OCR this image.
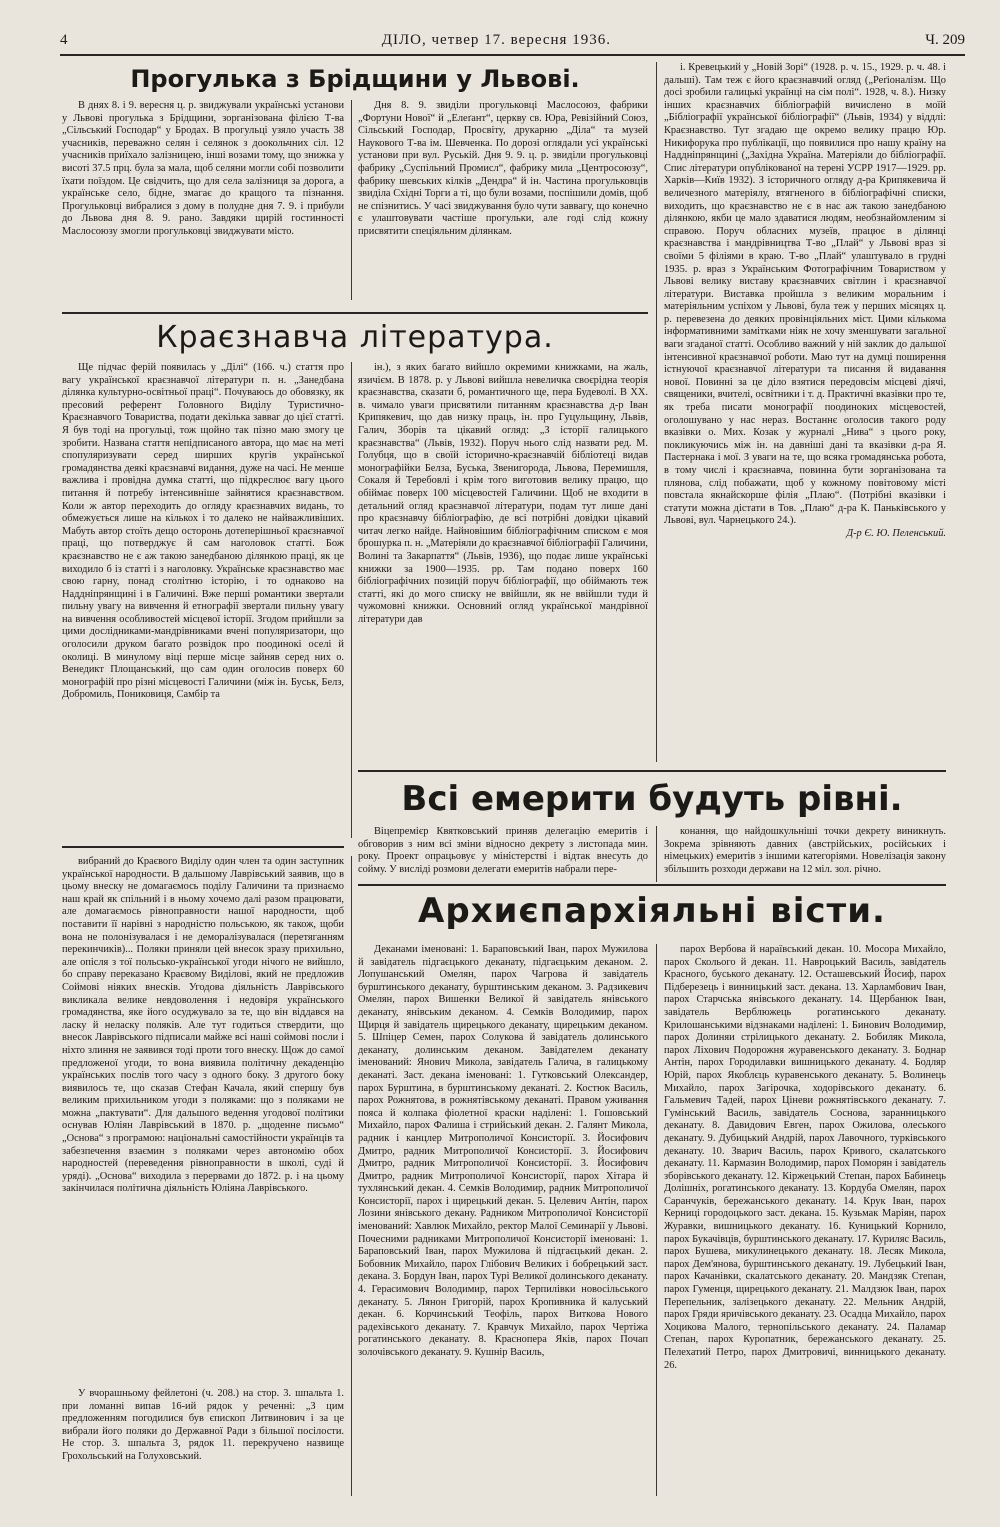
4	ДІЛО, четвер 17. вересня 1936.	Ч. 209
Прогулька з Брідщини у Львові.

В днях 8. і 9. вересня ц. р. звиджували українські установи у Львові прогулька з Брідщини, зорганізована філією Т-ва „Сільський Господар“ у Бродах. В прогульці узяло участь 38 учасників, переважно селян і селянок з доокольчних сіл. 12 учасників приїхало залізницею, інші возами тому, що знижка у висоті 37.5 прц. була за мала, щоб селяни могли собі позволити їхати поїздом. Це свідчить, що для села залізниця за дорога, а українське село, бідне, змагає до кращого та пізнання. Прогульковці вибралися з дому в полудне дня 7. 9. і прибули до Львова дня 8. 9. рано. Завдяки щирій гостинності Маслосоюзу змогли прогульковці звиджувати місто.

Дня 8. 9. звиділи прогульковці Маслосоюз, фабрики „Фортуни Нової“ й „Елеґант“, церкву св. Юра, Ревізійний Союз, Сільський Господар, Просвіту, друкарню „Діла“ та музей Наукового Т-ва ім. Шевченка. По дорозі оглядали усі українські установи при вул. Руській. Дня 9. 9. ц. р. звиділи прогульковці фабрику „Суспільний Промисл“, фабрику мила „Центросоюзу“, фабрику шевських кілків „Дендра“ й ін. Частина прогульковців звиділа Східні Торги а ті, що були возами, поспішили домів, щоб не спізнитись. У часі звиджування було чути заввагу, що конечно є улаштовувати частіше прогульки, але годі слід кожну присвятити спеціяльним ділянкам.

Краєзнавча література.

Ще підчас ферій появилась у „Ділі“ (166. ч.) стаття про вагу української краєзнавчої літератури п. н. „Занедбана ділянка культурно-освітньої праці“. Почуваюсь до обовязку, як пресовий референт Головного Виділу Туристично-Краєзнавчого Товариства, подати декілька завваг до цієї статті. Я був тоді на прогульці, тож щойно так пізно маю змогу це зробити. Названа стаття непідписаного автора, що має на меті спопуляризувати серед ширших кругів української громадянства деякі краєзнавчі видання, дуже на часі. Не менше важлива і провідна думка статті, що підкреслює вагу цього питання й потребу інтенсивніше зайнятися краєзнавством. Коли ж автор переходить до огляду краєзнавчих видань, то обмежується лише на кількох і то далеко не найважливіших. Мабуть автор стоїть дещо осторонь дотеперішньої краєзнавчої праці, що потверджує й сам наголовок статті. Бож краєзнавство не є аж такою занедбаною ділянкою праці, як це виходило б із статті і з наголовку. Українське краєзнавство має свою гарну, понад столітню історію, і то однаково на Наддніпрянщині і в Галичині. Вже перші романтики звертали пильну увагу на вивчення й етнографії звертали пильну увагу на вивчення особливостей місцевої історії. Згодом прийшли за цими дослідниками-мандрівниками вчені популяризатори, що оголосили друком багато розвідок про поодинокі оселі й околиці. В минулому віці перше місце зайняв серед них о. Венедикт Площанський, що сам один оголосив поверх 60 монографій про різні місцевості Галичини (між ін. Буськ, Белз, Добромиль, Пониковиця, Самбір та

ін.), з яких багато вийшло окремими книжками, на жаль, язичієм. В 1878. р. у Львові вийшла невеличка своєрідна теорія краєзнавства, сказати б, романтичного ще, пера Будеволі. В XX. в. чимало уваги присвятили питанням краєзнавства д-р Іван Крипякевич, що дав низку праць, ін. про Гуцульщину, Львів, Галич, Зборів та цікавий огляд: „З історії галицького краєзнавства“ (Львів, 1932). Поруч нього слід назвати ред. М. Голубця, що в своїй історично-краєзнавчій бібліотеці видав монографійки Белза, Буська, Звенигорода, Львова, Перемишля, Сокаля й Теребовлі і крім того виготовив велику працю, що обіймає поверх 100 місцевостей Галичини. Щоб не входити в детальний огляд краєзнавчої літератури, подам тут лише дані про краєзнавчу бібліографію, де всі потрібні довідки цікавий читач легко найде. Найновішим бібліографічним списком є моя брошурка п. н. „Матеріяли до краєзнавчої бібліографії Галичини, Волині та Закарпаття“ (Львів, 1936), що подає лише українські книжки за 1900—1935. рр. Там подано поверх 160 бібліографічних позицій поруч бібліографії, що обіймають теж статті, які до мого списку не ввійшли, як не ввійшли туди й чужомовні книжки. Основний огляд української мандрівної літератури дав

і. Кревецький у „Новій Зорі“ (1928. р. ч. 15., 1929. р. ч. 48. і дальші). Там теж є його краєзнавчий огляд („Реґіоналізм. Що досі зробили галицькі українці на сім полі“. 1928, ч. 8.). Низку інших краєзнавчих бібліографій вичислено в моїй „Бібліографії української бібліографії“ (Львів, 1934) у віддлі: Краєзнавство. Тут згадаю ще окремо велику працю Юр. Никифорука про публікації, що появилися про нашу країну на Наддніпрянщині („Західна Україна. Матеріяли до бібліографії. Спис літератури опублікованої на терені УСРР 1917—1929. рр. Харків—Київ 1932). З історичного огляду д-ра Крипякевича й величезного матеріялу, втягненого в бібліографічні списки, виходить, що краєзнавство не є в нас аж такою занедбаною ділянкою, якби це мало здаватися людям, необзнайомленим зі справою. Поруч обласних музеїв, працює в ділянці краєзнавства і мандрівництва Т-во „Плай“ у Львові враз зі своїми 5 філіями в краю. Т-во „Плай“ улаштувало в грудні 1935. р. враз з Українським Фотографічним Товариством у Львові велику виставу краєзнавчих світлин і краєзнавчої літератури. Виставка пройшла з великим моральним і матеріяльним успіхом у Львові, була теж у перших місяцях ц. р. перевезена до деяких провінціяльних міст. Цими кількома інформативними замітками ніяк не хочу зменшувати загальної ваги згаданої статті. Особливо важний у ній заклик до дальшої інтенсивної краєзнавчої роботи. Маю тут на думці поширення істнуючої краєзнавчої літератури та писання й видавання нової. Повинні за це діло взятися передовсім місцеві діячі, священики, вчителі, освітники і т. д. Практичні вказівки про те, як треба писати монографії поодиноких місцевостей, оголошувано у нас нераз. Востаннє оголосив такого роду вказівки о. Мих. Козак у журналі „Нива“ з цього року, покликуючись між ін. на давніші дані та вказівки д-ра Я. Пастернака і мої. З уваги на те, що всяка громадянська робота, в тому числі і краєзнавча, повинна бути зорганізована та плянова, слід побажати, щоб у кожному повітовому місті повстала якнайскорше філія „Плаю“. (Потрібні вказівки і статути можна дістати в Тов. „Плаю“ д-ра К. Паньківського у Львові, вул. Чарнецького 24.).

Д-р Є. Ю. Пеленський.

Всі емерити будуть рівні.

Віцепремієр Квятковський приняв делегацію емеритів і обговорив з ним всі зміни відносно декрету з листопада мин. року. Проект опрацьовує у міністерстві і відтак внесуть до сойму. У висліді розмови делегати емеритів набрали пере-

конання, що найдошкульніші точки декрету виникнуть. Зокрема зрівняють давних (австрійських, російських і німецьких) емеритів з іншими категоріями. Новелізація закону збільшить розходи держави на 12 міл. зол. річно.

вибраний до Краєвого Виділу один член та один заступник української народности. В дальшому Лаврівський заявив, що в цьому внеску не домагаємось поділу Галичини та признаємо наш край як спільний і в ньому хочемо далі разом працювати, але домагаємось рівноправности нашої народности, щоб поставити її нарівні з народністю польською, як також, щоби вона не полонізувалася і не деморалізувалася (перетяганням перекинчиків)... Поляки приняли цей внесок зразу прихильно, але опісля з тої польсько-української угоди нічого не вийшло, бо справу переказано Краєвому Виділові, який не предложив Соймові ніяких внесків. Угодова діяльність Лаврівського викликала велике невдоволення і недовіря українського громадянства, яке його осуджувало за те, що він віддався на ласку й неласку поляків. Але тут годиться ствердити, що внесок Лаврівського підписали майже всі наші соймові посли і ніхто злиння не заявився тоді проти того внеску. Щож до самої предложеної угоди, то вона виявила політичну декаденцію українських послів того часу з одного боку. З другого боку виявилось те, що сказав Стефан Качала, який спершу був великим прихильником угоди з поляками: що з поляками не можна „пактувати“. Для дальшого ведення угодової політики оснував Юліян Лаврівський в 1870. р. „щоденне письмо“ „Основа“ з програмою: національні самостійности українців та забезпечення взаємин з поляками через автономію обох народностей (переведення рівноправности в школі, суді й уряді). „Основа“ виходила з перервами до 1872. р. і на цьому закінчилася політична діяльність Юліяна Лаврівського.

У вчорашньому фейлетоні (ч. 208.) на стор. 3. шпальта 1. при ломанні випав 16-ий рядок у реченні: „З цим предложенням погодилися був єпископ Литвинович і за це вибрали його поляки до Державної Ради з більшої посілости. Не стор. 3. шпальта 3, рядок 11. перекручено назвище Грохольський на Голуховський.

Архиєпархіяльні вісти.

Деканами іменовані: 1. Бараповський Іван, парох Мужилова й завідатель підгаєцького деканату, підгаєцьким деканом. 2. Лопушанський Омелян, парох Чагрова й завідатель бурштинського деканату, бурштинським деканом. 3. Радзикевич Омелян, парох Вишенки Великої й завідатель янівського деканату, янівським деканом. 4. Семків Володимир, парох Щирця й завідатель щирецького деканату, щирецьким деканом. 5. Шпіцер Семен, парох Солукова й завідатель долинського деканату, долинським деканом. Завідателем деканату іменований: Янович Микола, завідатель Галича, в галицькому деканаті. Заст. декана іменовані: 1. Гутковський Олександер, парох Бурштина, в бурштинському деканаті. 2. Костюк Василь, парох Рожнятова, в рожнятівському деканаті. Правом уживання пояса й колпака фіолетної краски наділені: 1. Гошовський Михайло, парох Фалиша і стрийський декан. 2. Галянт Микола, радник і канцлер Митрополичої Консисторії. 3. Йосифович Дмитро, радник Митрополичої Консисторії. 3. Йосифович Дмитро, радник Митрополичої Консисторії. 3. Йосифович Дмитро, радник Митрополичої Консисторії, парох Хітара й тухлянський декан. 4. Семків Володимир, радник Митрополичої Консисторії, парох і щирецький декан. 5. Целевич Антін, парох Лозини янівського декану. Радником Митрополичої Консисторії іменований: Хавлюк Михайло, ректор Малої Семинарії у Львові. Почесними радниками Митрополичої Консисторії іменовані: 1. Бараповський Іван, парох Мужилова й підгаєцький декан. 2. Бобовник Михайло, парох Глібович Великих і бобрецький заст. декана. 3. Бордун Іван, парох Турі Великої долинського деканату. 4. Герасимович Володимир, парох Терпилівки новосільського деканату. 5. Лянон Григорій, парох Кропивника й калуський декан. 6. Корчинський Теофіль, парох Виткова Нового радехівського деканату. 7. Кравчук Михайло, парох Чертіжа рогатинського деканату. 8. Краснопера Яків, парох Почап золочівського деканату. 9. Кушнір Василь,

парох Вербова й нараївський декан. 10. Мосора Михайло, парох Сколього й декан. 11. Навроцький Василь, завідатель Красного, буського деканату. 12. Осташевський Йосиф, парох Підберезець і винницький заст. декана. 13. Харламбович Іван, парох Старчська янівського деканату. 14. Щербанюк Іван, завідатель Верблюжець рогатинського деканату. Крилошанськими відзнаками наділені: 1. Бинович Володимир, парох Долиняи стрілицького деканату. 2. Бобиляк Микола, парох Ліхович Подорожня журавенського деканату. 3. Боднар Антін, парох Городилавки вишницького деканату. 4. Бодляр Юрій, парох Якоблєць куравенського деканату. 5. Волинець Михайло, парох Загірочка, ходорівського деканату. 6. Гальмевич Тадей, парох Ціневи рожнятівського деканату. 7. Гумінський Василь, завідатель Соснова, заранницького деканату. 8. Давидович Евген, парох Ожилова, олеського деканату. 9. Дубицький Андрій, парох Лавочного, турківського деканату. 10. Зварич Василь, парох Кривого, скалатського деканату. 11. Кармазин Володимир, парох Поморян і завідатель зборівського деканату. 12. Кіржецький Степан, парох Бабинець Долішніх, рогатинського деканату. 13. Кордуба Омелян, парох Саранчуків, бережанського деканату. 14. Крук Іван, парох Керниці городоцького заст. декана. 15. Кузьмак Маріян, парох Журавки, вишницького деканату. 16. Куницький Корнило, парох Букачівців, бурштинського деканату. 17. Куриляс Василь, парох Бушева, микулинецького деканату. 18. Лесяк Микола, парох Дем'янова, бурштинського деканату. 19. Лубецький Іван, парох Качанівки, скалатського деканату. 20. Мандзяк Степан, парох Гуменця, щирецького деканату. 21. Малдзюк Іван, парох Перепельник, залізецького деканату. 22. Мельник Андрій, парох Гряди яричівського деканату. 23. Осадца Михайло, парох Хоцикова Малого, тернопільського деканату. 24. Паламар Степан, парох Куропатник, бережанського деканату. 25. Пелехатий Петро, парох Дмитровичі, винницького деканату. 26.
